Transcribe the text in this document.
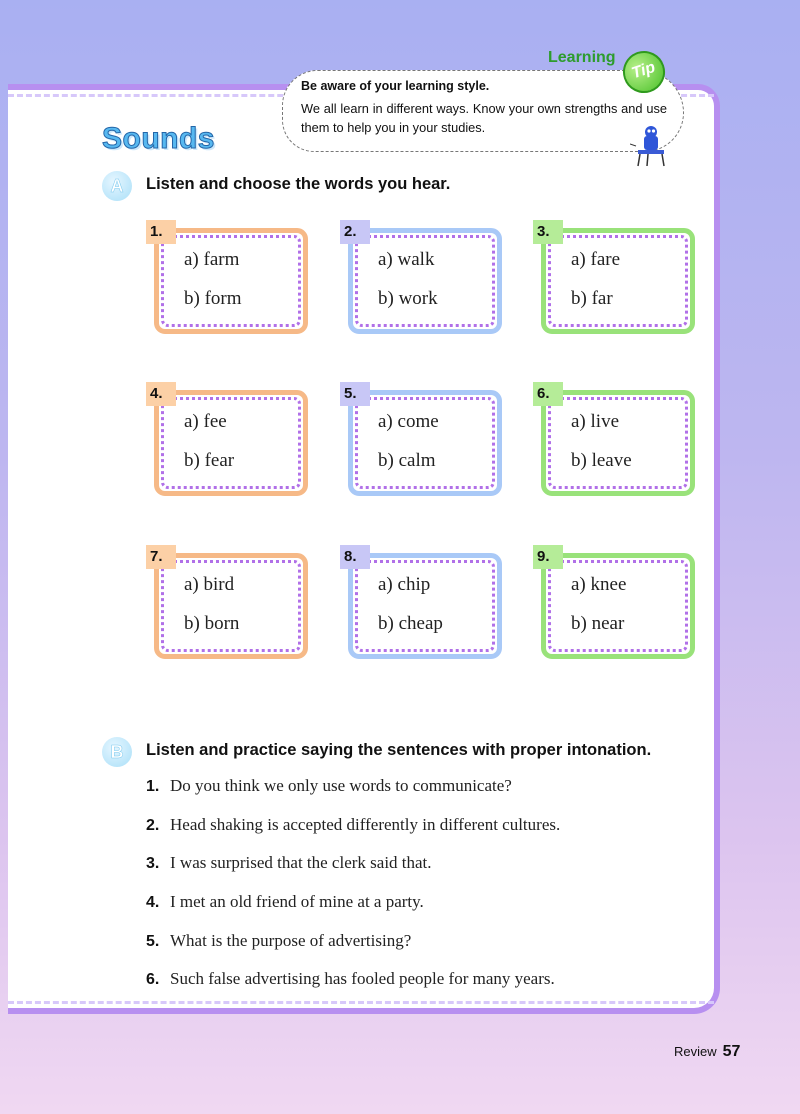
Learning
Tip
Be aware of your learning style.
We all learn in different ways. Know your own strengths and use them to help you in your studies.
Sounds
A	Listen and choose the words you hear.
1.
a) farm
b) form
2.
a) walk
b) work
3.
a) fare
b) far
4.
a) fee
b) fear
5.
a) come
b) calm
6.
a) live
b) leave
7.
a) bird
b) born
8.
a) chip
b) cheap
9.
a) knee
b) near
B	Listen and practice saying the sentences with proper intonation.
1. Do you think we only use words to communicate?
2. Head shaking is accepted differently in different cultures.
3. I was surprised that the clerk said that.
4. I met an old friend of mine at a party.
5. What is the purpose of advertising?
6. Such false advertising has fooled people for many years.
Review 57
